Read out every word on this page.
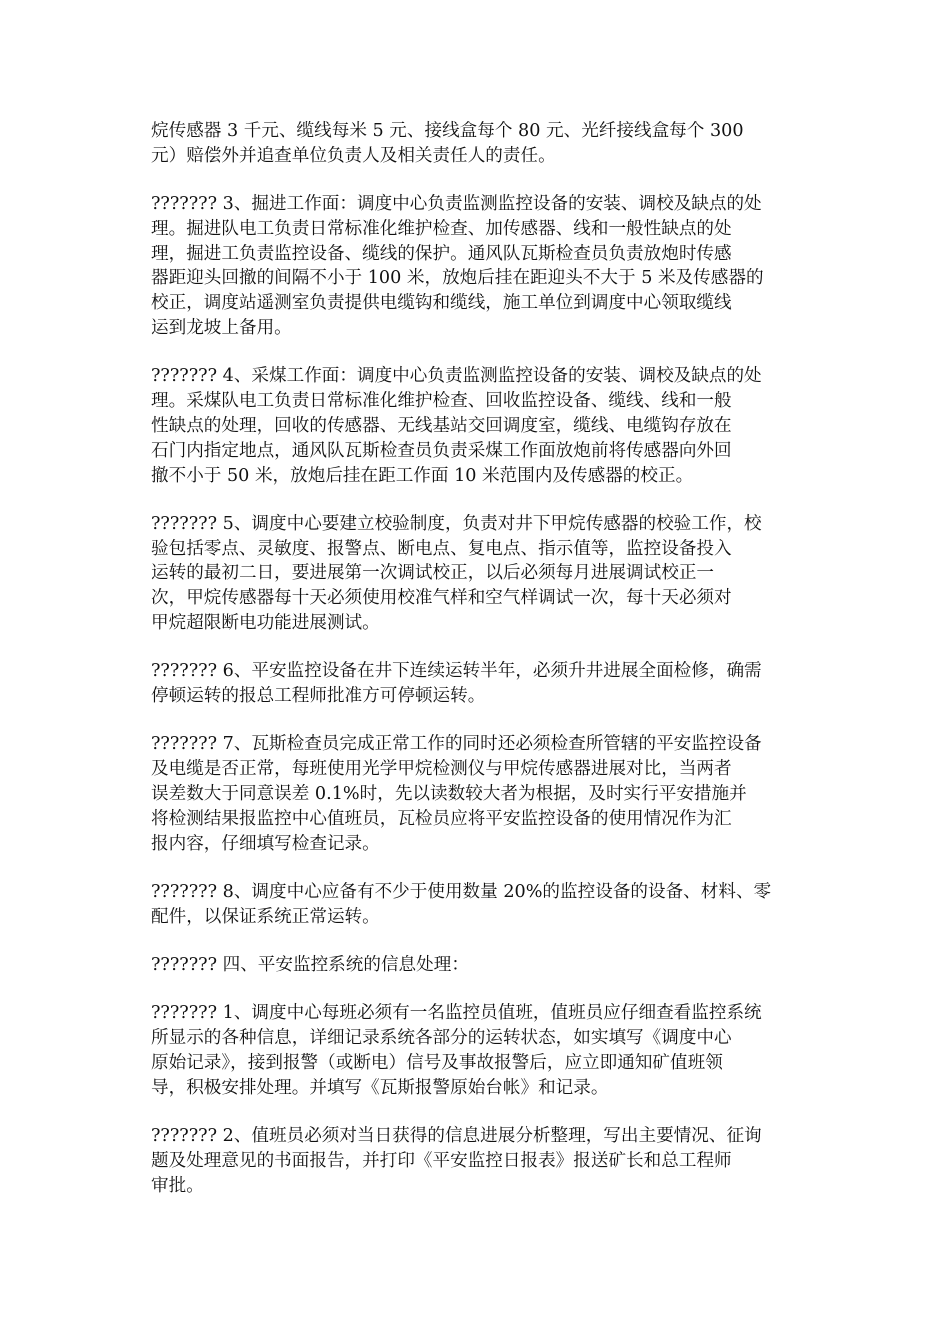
烷传感器 3 千元、缆线每米 5 元、接线盒每个 80 元、光纤接线盒每个 300
元）赔偿外并追查单位负责人及相关责任人的责任。

??????? 3、掘进工作面：调度中心负责监测监控设备的安装、调校及缺点的处
理。掘进队电工负责日常标准化维护检查、加传感器、线和一般性缺点的处
理，掘进工负责监控设备、缆线的保护。通风队瓦斯检查员负责放炮时传感
器距迎头回撤的间隔不小于 100 米，放炮后挂在距迎头不大于 5 米及传感器的
校正，调度站遥测室负责提供电缆钩和缆线，施工单位到调度中心领取缆线
运到龙坡上备用。

??????? 4、采煤工作面：调度中心负责监测监控设备的安装、调校及缺点的处
理。采煤队电工负责日常标准化维护检查、回收监控设备、缆线、线和一般
性缺点的处理，回收的传感器、无线基站交回调度室，缆线、电缆钩存放在
石门内指定地点，通风队瓦斯检查员负责采煤工作面放炮前将传感器向外回
撤不小于 50 米，放炮后挂在距工作面 10 米范围内及传感器的校正。

??????? 5、调度中心要建立校验制度，负责对井下甲烷传感器的校验工作，校
验包括零点、灵敏度、报警点、断电点、复电点、指示值等，监控设备投入
运转的最初二日，要进展第一次调试校正，以后必须每月进展调试校正一
次，甲烷传感器每十天必须使用校准气样和空气样调试一次，每十天必须对
甲烷超限断电功能进展测试。

??????? 6、平安监控设备在井下连续运转半年，必须升井进展全面检修，确需
停顿运转的报总工程师批准方可停顿运转。

??????? 7、瓦斯检查员完成正常工作的同时还必须检查所管辖的平安监控设备
及电缆是否正常，每班使用光学甲烷检测仪与甲烷传感器进展对比，当两者
误差数大于同意误差 0.1%时，先以读数较大者为根据，及时实行平安措施并
将检测结果报监控中心值班员，瓦检员应将平安监控设备的使用情况作为汇
报内容，仔细填写检查记录。

??????? 8、调度中心应备有不少于使用数量 20%的监控设备的设备、材料、零
配件，以保证系统正常运转。

??????? 四、平安监控系统的信息处理：

??????? 1、调度中心每班必须有一名监控员值班，值班员应仔细查看监控系统
所显示的各种信息，详细记录系统各部分的运转状态，如实填写《调度中心
原始记录》，接到报警（或断电）信号及事故报警后，应立即通知矿值班领
导，积极安排处理。并填写《瓦斯报警原始台帐》和记录。

??????? 2、值班员必须对当日获得的信息进展分析整理，写出主要情况、征询
题及处理意见的书面报告，并打印《平安监控日报表》报送矿长和总工程师
审批。
